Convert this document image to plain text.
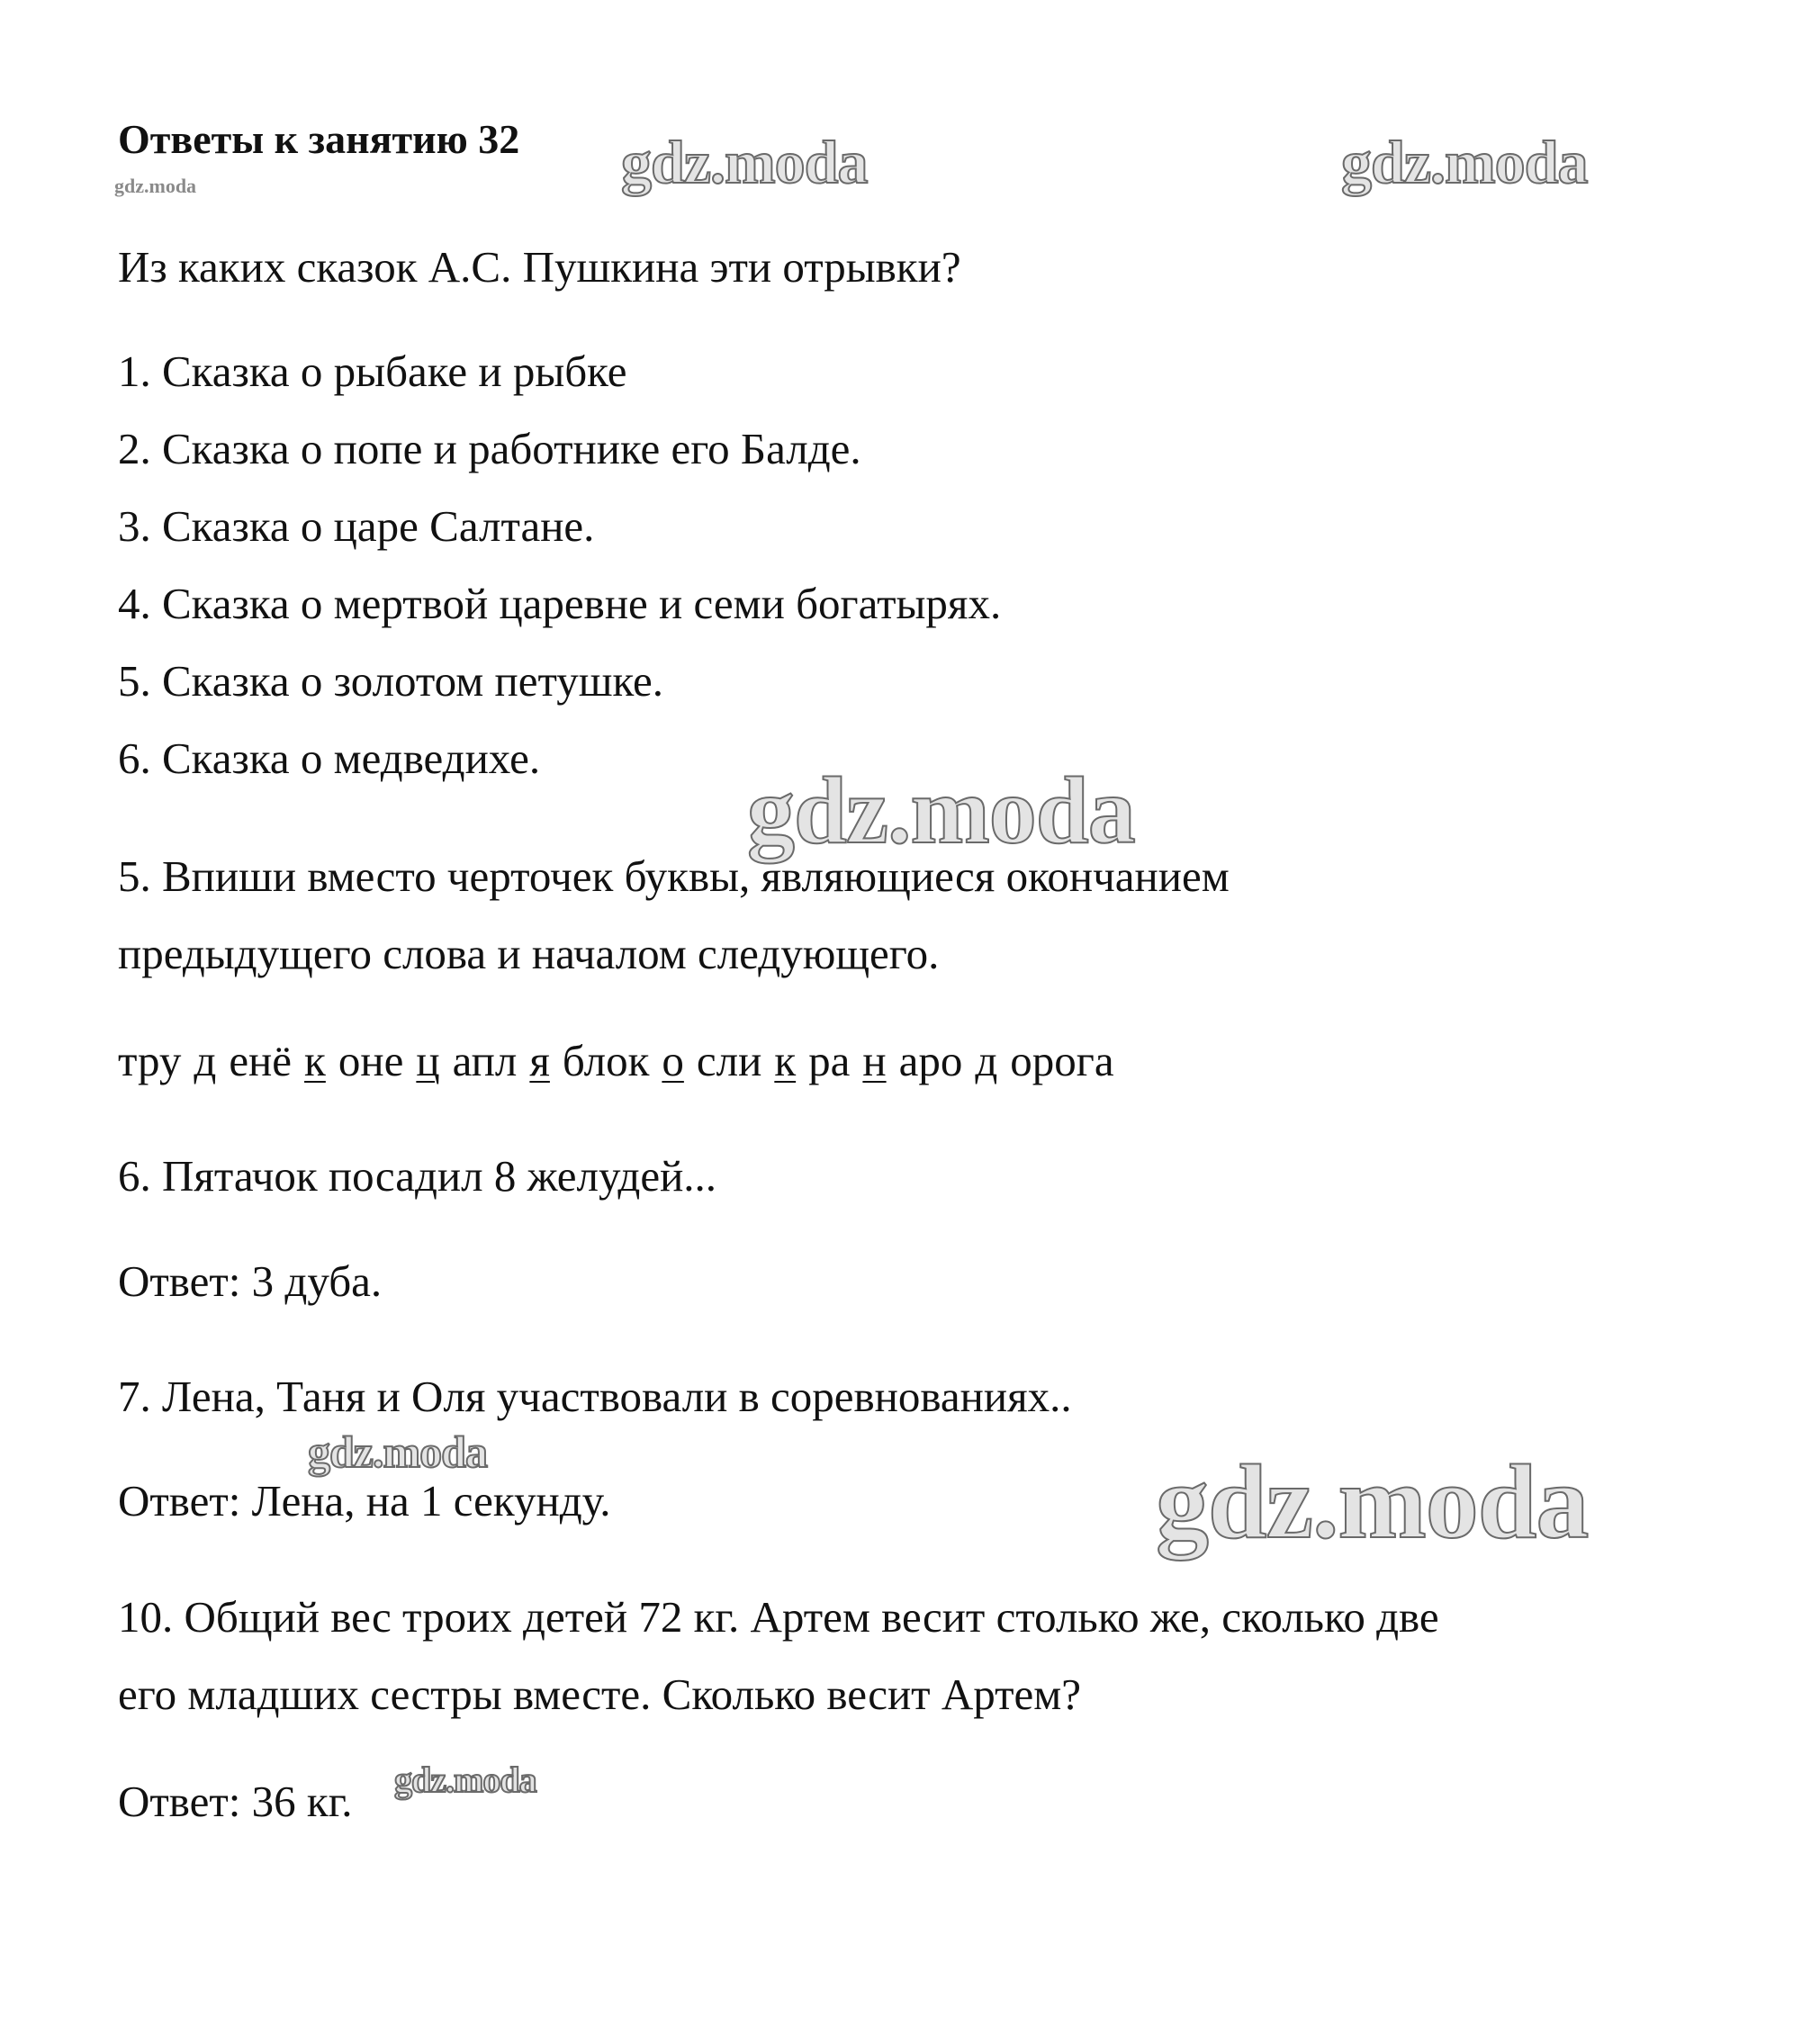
Ответы к занятию 32
Из каких сказок А.С. Пушкина эти отрывки?
1. Сказка о рыбаке и рыбке
2. Сказка о попе и работнике его Балде.
3. Сказка о царе Салтане.
4. Сказка о мертвой царевне и семи богатырях.
5. Сказка о золотом петушке.
6. Сказка о медведихе.
5. Впиши вместо черточек буквы, являющиеся окончанием
предыдущего слова и началом следующего.
тру д енё к оне ц апл я блок о сли к ра н аро д орога
6. Пятачок посадил 8 желудей...
Ответ: 3 дуба.
7. Лена, Таня и Оля участвовали в соревнованиях..
Ответ: Лена, на 1 секунду.
10. Общий вес троих детей 72 кг. Артем весит столько же, сколько две
его младших сестры вместе. Сколько весит Артем?
Ответ: 36 кг.
gdz.moda	gdz.moda
gdz.moda
gdz.moda
gdz.moda	gdz.moda
gdz.moda
